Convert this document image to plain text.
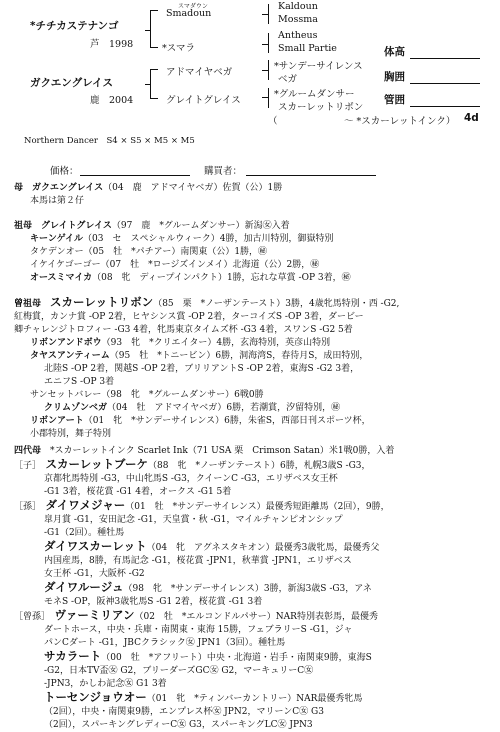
*チチカステナンゴ
芦　1998
ガクエングレイス
鹿　2004
スマダウン
Smadoun
*スマラ
アドマイヤベガ
グレイトグレイス
Kaldoun
Mossma
Antheus
Small Partie
*サンデーサイレンス
ベガ
*グルームダンサー
スカーレットリボン
（　　　　　　　〜 *スカーレットインク） 4d
体高
胸囲
管囲
Northern Dancer　S4 × S5 × M5 × M5
価格：	購買者：

母　 ガクエングレイス（04　鹿　アドマイヤベガ）佐賀（公）1勝

本馬は第２仔

祖母　 グレイトグレイス（97　鹿　*グルームダンサー）新潟㊛入着

キーンゲイル（03　セ　スペシャルウィーク）4勝，加古川特別，御嶽特別

タケデンオー（05　牡　*パチアー）南関東（公）1勝，㊙

イケイケゴーゴー（07　牡　*ロージズインメイ）北海道（公）2勝，㊙

オースミマイカ（08　牝　ディープインパクト）1勝，忘れな草賞 -OP 3着，㊙

曾祖母　 スカーレットリボン（85　栗　*ノーザンテースト）3勝，4歳牝馬特別・西 -G2,

紅梅賞，カンナ賞 -OP 2着，ヒヤシンス賞 -OP 2着，ターコイズS -OP 3着，ダービー

卿チャレンジトロフィー -G3 4着，牝馬東京タイムズ杯 -G3 4着，スワンS -G2 5着

リボンアンドボウ（93　牝　*クリエイター）4勝，玄海特別，英彦山特別

タヤスアンティーム（95　牡　*トニービン）6勝，洞海湾S，春待月S，成田特別，

北陸S -OP 2着，関越S -OP 2着，ブリリアントS -OP 2着，東海S -G2 3着，

エニフS -OP 3着

サンセットバレー（98　牝　*グルームダンサー）6戦0勝

クリムゾンベガ（04　牡　アドマイヤベガ）6勝，若潮賞，汐留特別，㊙

リボンアート（01　牝　*サンデーサイレンス）6勝，朱雀S，西部日刊スポーツ杯，

小郡特別，舞子特別

四代母　 *スカーレットインク Scarlet Ink（71 USA 栗　Crimson Satan）米1戦0勝，入着

［子］　 スカーレットブーケ（88　牝　*ノーザンテースト）6勝，札幌3歳S -G3，

京都牝馬特別 -G3，中山牝馬S -G3，クイーンC -G3，エリザベス女王杯

-G1 3着，桜花賞 -G1 4着，オークス -G1 5着

［孫］　 ダイワメジャー（01　牡　*サンデーサイレンス）最優秀短距離馬（2回），9勝，

皐月賞 -G1，安田記念 -G1，天皇賞・秋 -G1，マイルチャンピオンシップ

-G1（2回）。種牡馬

ダイワスカーレット（04　牝　アグネスタキオン）最優秀3歳牝馬，最優秀父

内国産馬，8勝，有馬記念 -G1，桜花賞 -JPN1，秋華賞 -JPN1，エリザベス

女王杯 -G1，大阪杯 -G2

ダイワルージュ（98　牝　*サンデーサイレンス）3勝，新潟3歳S -G3，アネ

モネS -OP，阪神3歳牝馬S -G1 2着，桜花賞 -G1 3着

［曾孫］　 ヴァーミリアン（02　牡　*エルコンドルパサー）NAR特別表彰馬，最優秀

ダートホース，中央・兵庫・南関東・東海 15勝，フェブラリーS -G1，ジャ

パンCダート -G1，JBCクラシック㊛ JPN1（3回）。種牡馬

サカラート（00　牡　*アフリート）中央・北海道・岩手・南関東9勝，東海S

-G2，日本TV盃㊛ G2，ブリーダーズGC㊛ G2，マーキュリーC㊛

-JPN3，かしわ記念㊛ G1 3着

トーセンジョウオー（01　牝　*ティンバーカントリー）NAR最優秀牝馬

（2回），中央・南関東9勝，エンプレス杯㊛ JPN2，マリーンC㊛ G3

（2回），スパーキングレディーC㊛ G3，スパーキングLC㊛ JPN3
